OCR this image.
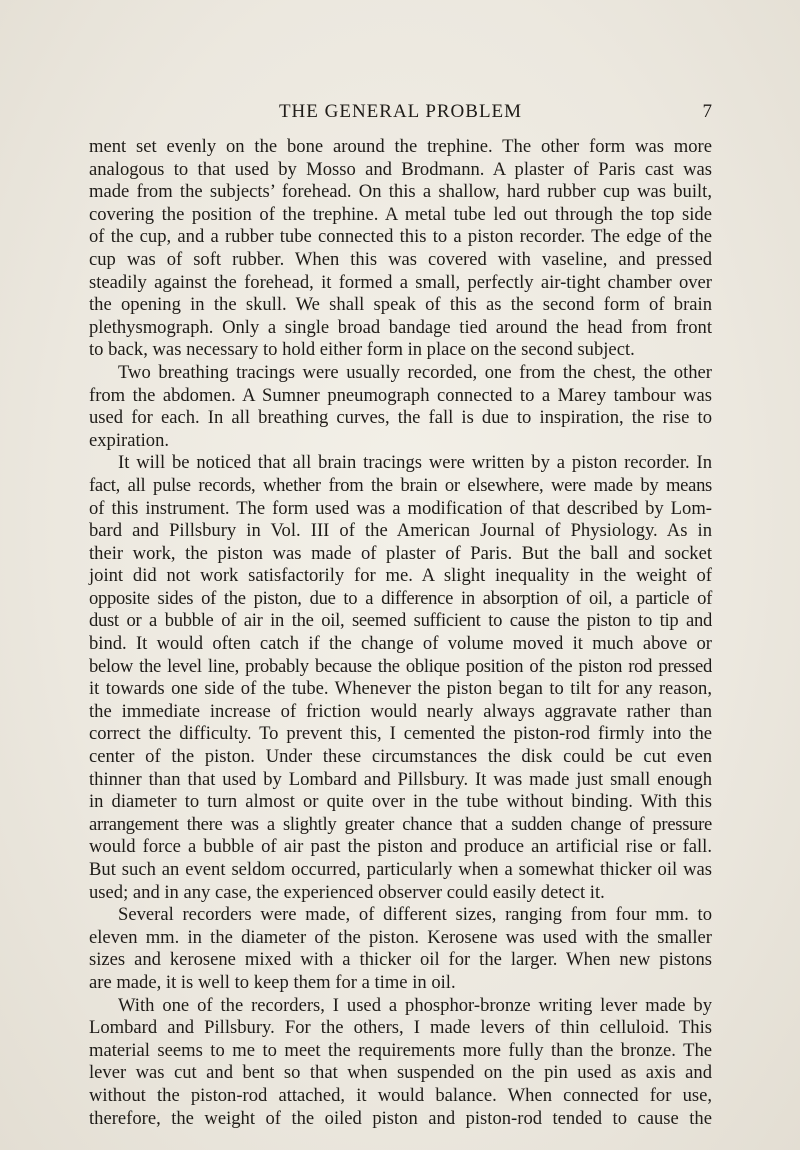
THE GENERAL PROBLEM	7
ment set evenly on the bone around the trephine. The other form was more
analogous to that used by Mosso and Brodmann. A plaster of Paris cast was
made from the subjects’ forehead. On this a shallow, hard rubber cup was built,
covering the position of the trephine. A metal tube led out through the top side
of the cup, and a rubber tube connected this to a piston recorder. The edge of the
cup was of soft rubber. When this was covered with vaseline, and pressed
steadily against the forehead, it formed a small, perfectly air-tight chamber over
the opening in the skull. We shall speak of this as the second form of brain
plethysmograph. Only a single broad bandage tied around the head from front
to back, was necessary to hold either form in place on the second subject.
Two breathing tracings were usually recorded, one from the chest, the other
from the abdomen. A Sumner pneumograph connected to a Marey tambour was
used for each. In all breathing curves, the fall is due to inspiration, the rise to
expiration.
It will be noticed that all brain tracings were written by a piston recorder. In
fact, all pulse records, whether from the brain or elsewhere, were made by means
of this instrument. The form used was a modification of that described by Lom-
bard and Pillsbury in Vol. III of the American Journal of Physiology. As in
their work, the piston was made of plaster of Paris. But the ball and socket
joint did not work satisfactorily for me. A slight inequality in the weight of
opposite sides of the piston, due to a difference in absorption of oil, a particle of
dust or a bubble of air in the oil, seemed sufficient to cause the piston to tip and
bind. It would often catch if the change of volume moved it much above or
below the level line, probably because the oblique position of the piston rod pressed
it towards one side of the tube. Whenever the piston began to tilt for any reason,
the immediate increase of friction would nearly always aggravate rather than
correct the difficulty. To prevent this, I cemented the piston-rod firmly into the
center of the piston. Under these circumstances the disk could be cut even
thinner than that used by Lombard and Pillsbury. It was made just small enough
in diameter to turn almost or quite over in the tube without binding. With this
arrangement there was a slightly greater chance that a sudden change of pressure
would force a bubble of air past the piston and produce an artificial rise or fall.
But such an event seldom occurred, particularly when a somewhat thicker oil was
used; and in any case, the experienced observer could easily detect it.
Several recorders were made, of different sizes, ranging from four mm. to
eleven mm. in the diameter of the piston. Kerosene was used with the smaller
sizes and kerosene mixed with a thicker oil for the larger. When new pistons
are made, it is well to keep them for a time in oil.
With one of the recorders, I used a phosphor-bronze writing lever made by
Lombard and Pillsbury. For the others, I made levers of thin celluloid. This
material seems to me to meet the requirements more fully than the bronze. The
lever was cut and bent so that when suspended on the pin used as axis and
without the piston-rod attached, it would balance. When connected for use,
therefore, the weight of the oiled piston and piston-rod tended to cause the
